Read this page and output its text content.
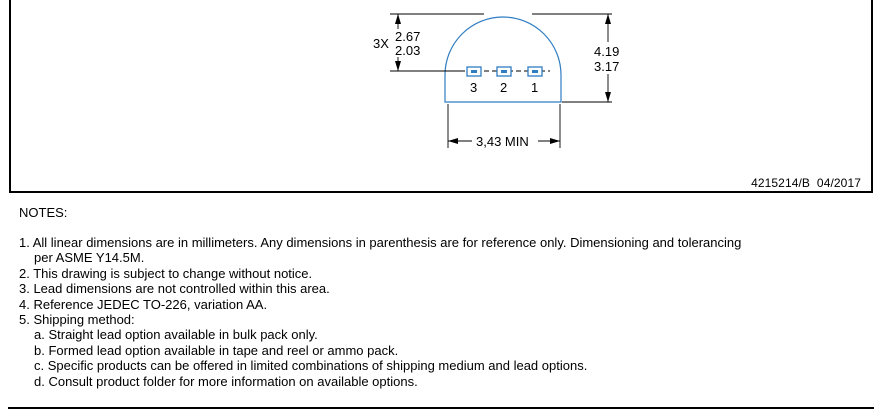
4215214/B 04/2017
3X 2.67
2.03	4.19
3.17
3 2 1
3,43 MIN
NOTES:
1. All linear dimensions are in millimeters. Any dimensions in parenthesis are for reference only. Dimensioning and tolerancing
per ASME Y14.5M.
2. This drawing is subject to change without notice.
3. Lead dimensions are not controlled within this area.
4. Reference JEDEC TO-226, variation AA.
5. Shipping method:
a. Straight lead option available in bulk pack only.
b. Formed lead option available in tape and reel or ammo pack.
c. Specific products can be offered in limited combinations of shipping medium and lead options.
d. Consult product folder for more information on available options.
